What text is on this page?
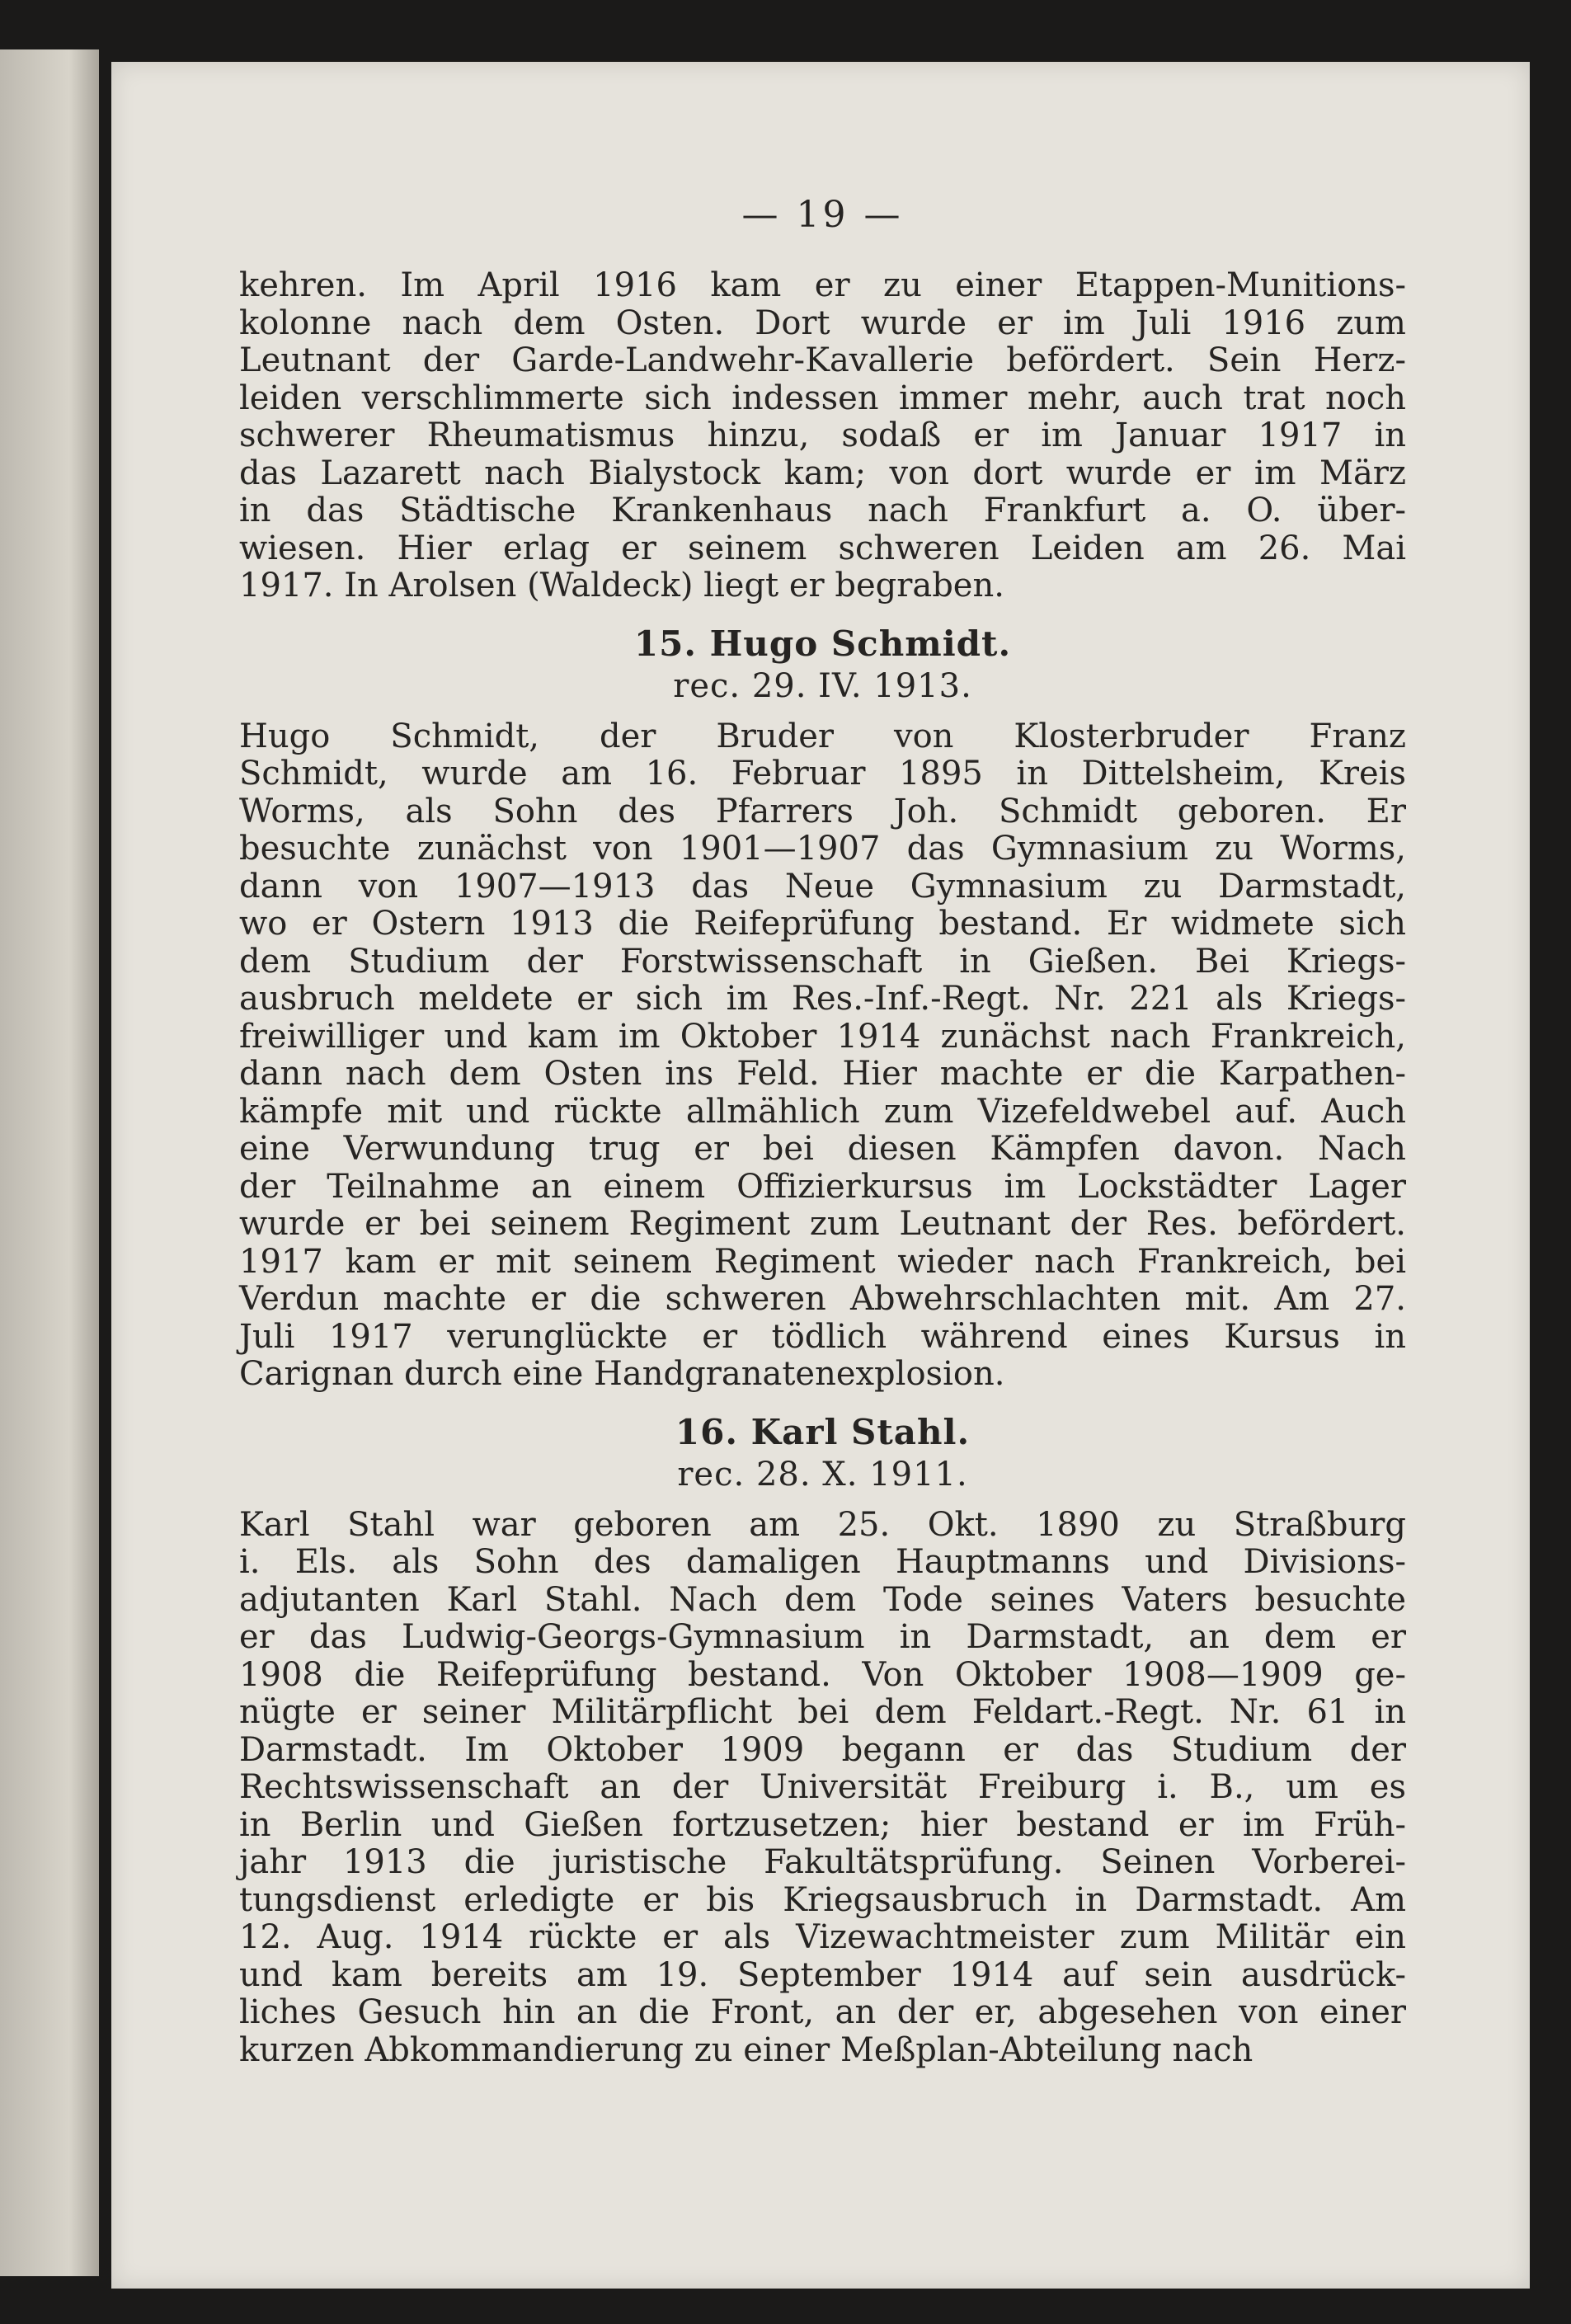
— 19 —

kehren. Im April 1916 kam er zu einer Etappen-Munitions-
kolonne nach dem Osten. Dort wurde er im Juli 1916 zum
Leutnant der Garde-Landwehr-Kavallerie befördert. Sein Herz-
leiden verschlimmerte sich indessen immer mehr, auch trat noch
schwerer Rheumatismus hinzu, sodaß er im Januar 1917 in
das Lazarett nach Bialystock kam; von dort wurde er im März
in das Städtische Krankenhaus nach Frankfurt a. O. über-
wiesen. Hier erlag er seinem schweren Leiden am 26. Mai
1917. In Arolsen (Waldeck) liegt er begraben.

15. Hugo Schmidt.
rec. 29. IV. 1913.

Hugo Schmidt, der Bruder von Klosterbruder Franz
Schmidt, wurde am 16. Februar 1895 in Dittelsheim, Kreis
Worms, als Sohn des Pfarrers Joh. Schmidt geboren. Er
besuchte zunächst von 1901—1907 das Gymnasium zu Worms,
dann von 1907—1913 das Neue Gymnasium zu Darmstadt,
wo er Ostern 1913 die Reifeprüfung bestand. Er widmete sich
dem Studium der Forstwissenschaft in Gießen. Bei Kriegs-
ausbruch meldete er sich im Res.-Inf.-Regt. Nr. 221 als Kriegs-
freiwilliger und kam im Oktober 1914 zunächst nach Frankreich,
dann nach dem Osten ins Feld. Hier machte er die Karpathen-
kämpfe mit und rückte allmählich zum Vizefeldwebel auf. Auch
eine Verwundung trug er bei diesen Kämpfen davon. Nach
der Teilnahme an einem Offizierkursus im Lockstädter Lager
wurde er bei seinem Regiment zum Leutnant der Res. befördert.
1917 kam er mit seinem Regiment wieder nach Frankreich, bei
Verdun machte er die schweren Abwehrschlachten mit. Am 27.
Juli 1917 verunglückte er tödlich während eines Kursus in
Carignan durch eine Handgranatenexplosion.

16. Karl Stahl.
rec. 28. X. 1911.

Karl Stahl war geboren am 25. Okt. 1890 zu Straßburg
i. Els. als Sohn des damaligen Hauptmanns und Divisions-
adjutanten Karl Stahl. Nach dem Tode seines Vaters besuchte
er das Ludwig-Georgs-Gymnasium in Darmstadt, an dem er
1908 die Reifeprüfung bestand. Von Oktober 1908—1909 ge-
nügte er seiner Militärpflicht bei dem Feldart.-Regt. Nr. 61 in
Darmstadt. Im Oktober 1909 begann er das Studium der
Rechtswissenschaft an der Universität Freiburg i. B., um es
in Berlin und Gießen fortzusetzen; hier bestand er im Früh-
jahr 1913 die juristische Fakultätsprüfung. Seinen Vorberei-
tungsdienst erledigte er bis Kriegsausbruch in Darmstadt. Am
12. Aug. 1914 rückte er als Vizewachtmeister zum Militär ein
und kam bereits am 19. September 1914 auf sein ausdrück-
liches Gesuch hin an die Front, an der er, abgesehen von einer
kurzen Abkommandierung zu einer Meßplan-Abteilung nach
